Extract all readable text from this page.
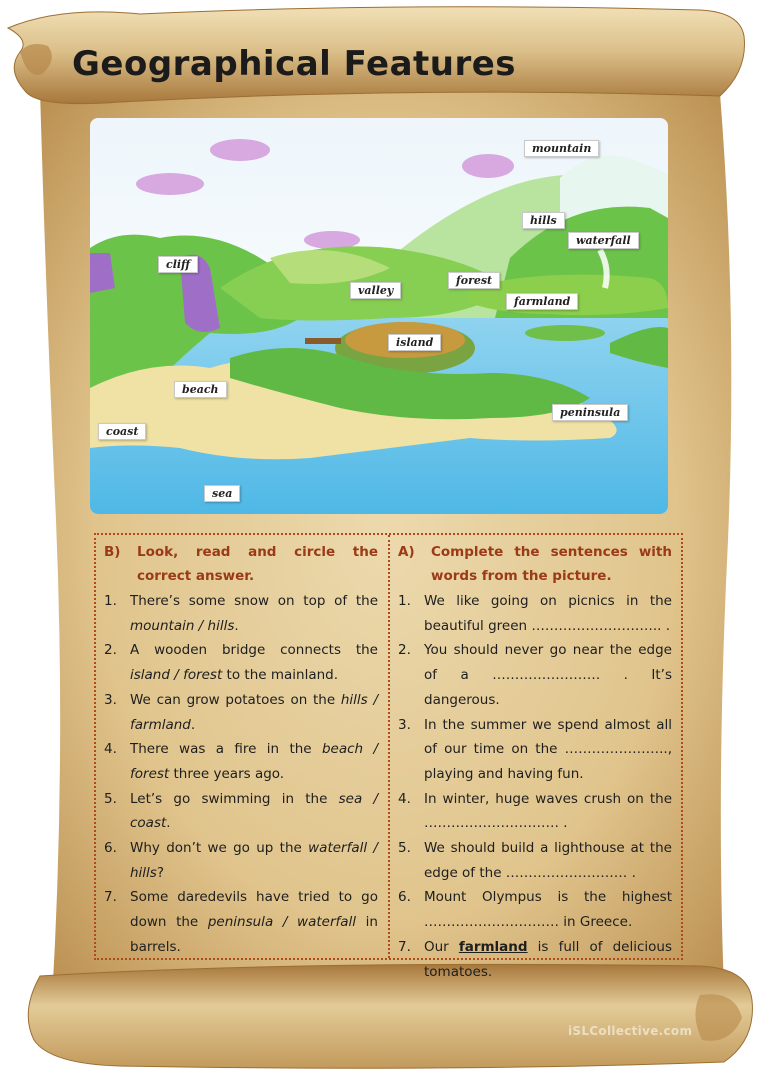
Geographical Features
mountain
hills
waterfall
cliff
forest
valley
farmland
island
beach
peninsula
coast
sea
B) Look, read and circle the correct answer.
1. There’s some snow on top of the mountain / hills.
2. A wooden bridge connects the island / forest to the mainland.
3. We can grow potatoes on the hills / farmland.
4. There was a fire in the beach / forest three years ago.
5. Let’s go swimming in the sea / coast.
6. Why don’t we go up the waterfall / hills?
7. Some daredevils have tried to go down the peninsula / waterfall in barrels.
A) Complete the sentences with words from the picture.
1. We like going on picnics in the beautiful green ……………………….. .
2. You should never go near the edge of a …………………… . It’s dangerous.
3. In the summer we spend almost all of our time on the ………………….., playing and having fun.
4. In winter, huge waves crush on the ………………………… .
5. We should build a lighthouse at the edge of the ……………………… .
6. Mount Olympus is the highest ………………………… in Greece.
7. Our farmland is full of delicious tomatoes.
iSLCollective.com
